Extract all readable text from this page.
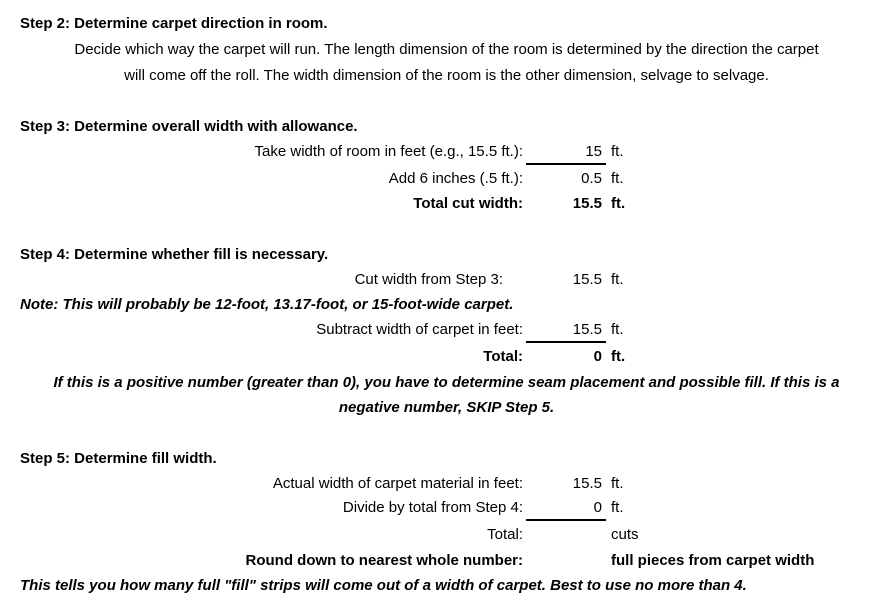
Step 2: Determine carpet direction in room.
Decide which way the carpet will run. The length dimension of the room is determined by the direction the carpet
will come off the roll. The width dimension of the room is the other dimension, selvage to selvage.
Step 3: Determine overall width with allowance.
Take width of room in feet (e.g., 15.5 ft.):	15 ft.
Add 6 inches (.5 ft.):	0.5 ft.
Total cut width:	15.5 ft.
Step 4: Determine whether fill is necessary.
Cut width from Step 3:	15.5 ft.
Note: This will probably be 12-foot, 13.17-foot, or 15-foot-wide carpet.
Subtract width of carpet in feet:	15.5 ft.
Total:	0 ft.
If this is a positive number (greater than 0), you have to determine seam placement and possible fill. If this is a
negative number, SKIP Step 5.
Step 5: Determine fill width.
Actual width of carpet material in feet:	15.5 ft.
Divide by total from Step 4:	0 ft.
Total:	cuts
Round down to nearest whole number:	full pieces from carpet width
This tells you how many full "fill" strips will come out of a width of carpet. Best to use no more than 4.
